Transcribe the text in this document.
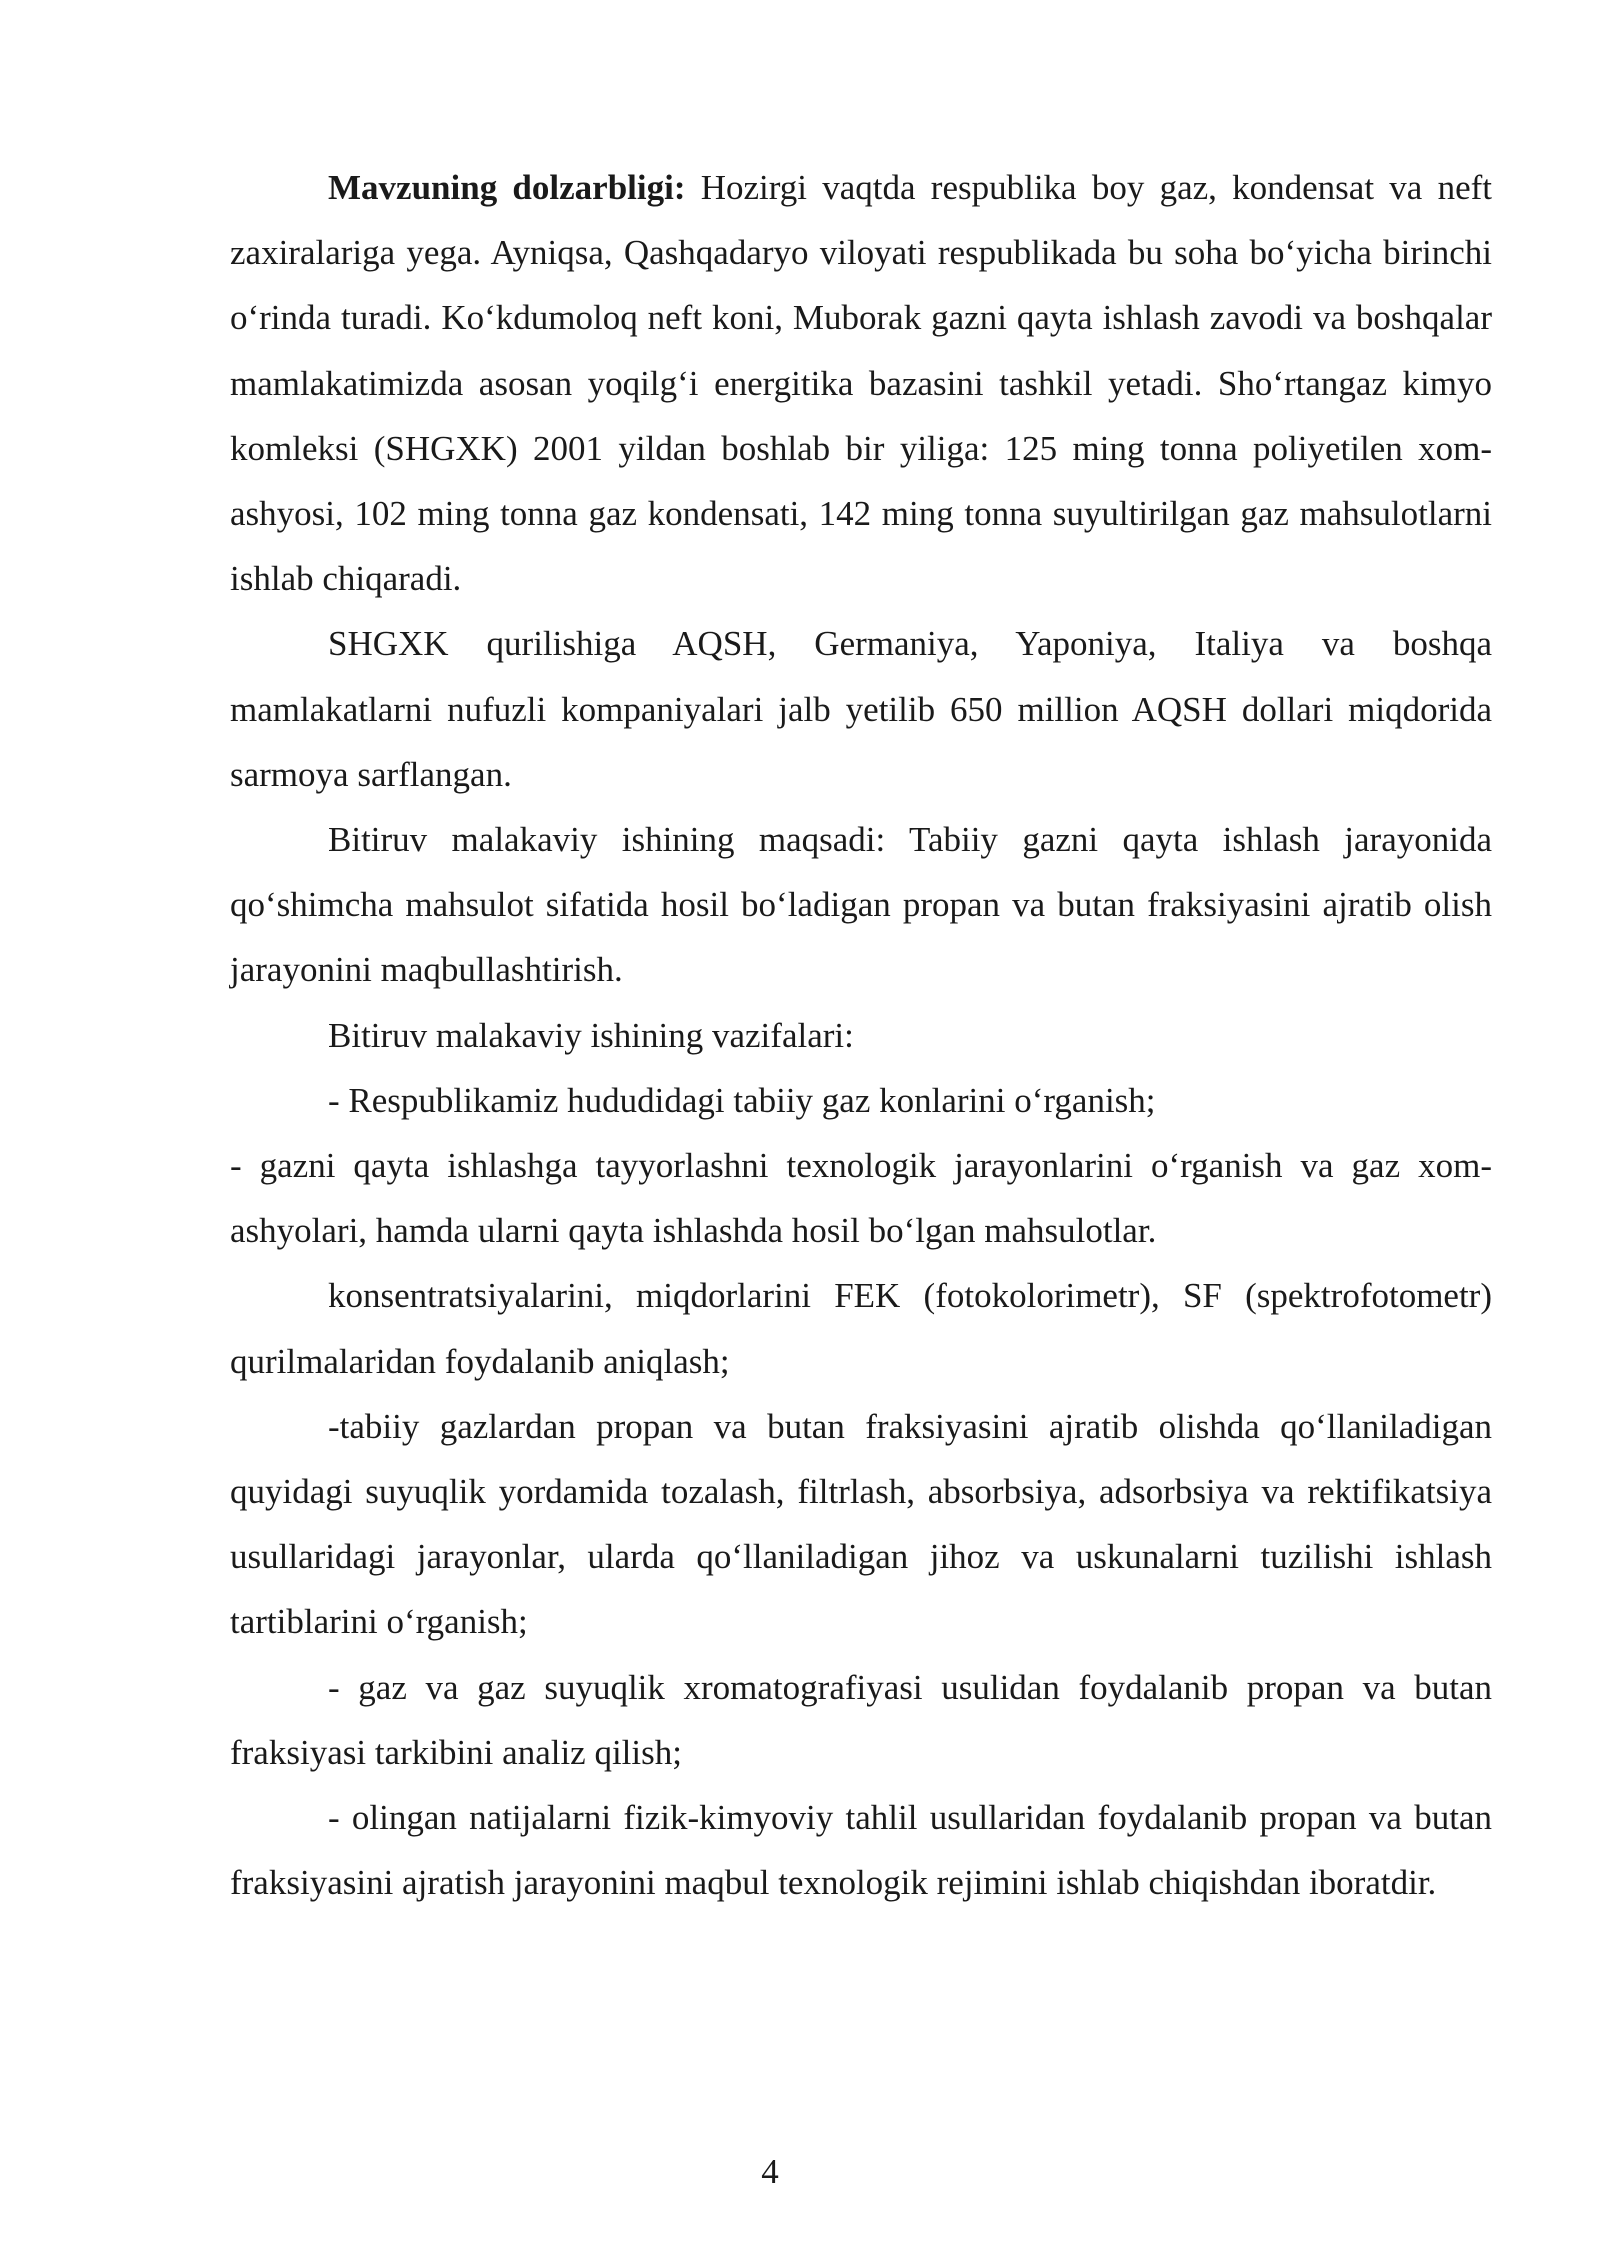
Mavzuning dolzarbligi: Hozirgi vaqtda respublika boy gaz, kondensat va neft zaxiralariga yega. Ayniqsa, Qashqadaryo viloyati respublikada bu soha bo‘yicha birinchi o‘rinda turadi. Ko‘kdumoloq neft koni, Muborak gazni qayta ishlash zavodi va boshqalar mamlakatimizda asosan yoqilg‘i energitika bazasini tashkil yetadi. Sho‘rtangaz kimyo komleksi (SHGXK) 2001 yildan boshlab bir yiliga: 125 ming tonna poliyetilen xom-ashyosi, 102 ming tonna gaz kondensati, 142 ming tonna suyultirilgan gaz mahsulotlarni ishlab chiqaradi.

SHGXK qurilishiga AQSH, Germaniya, Yaponiya, Italiya va boshqa mamlakatlarni nufuzli kompaniyalari jalb yetilib 650 million AQSH dollari miqdorida sarmoya sarflangan.

Bitiruv malakaviy ishining maqsadi: Tabiiy gazni qayta ishlash jarayonida qo‘shimcha mahsulot sifatida hosil bo‘ladigan propan va butan fraksiyasini ajratib olish jarayonini maqbullashtirish.

Bitiruv malakaviy ishining vazifalari:

- Respublikamiz hududidagi tabiiy gaz konlarini o‘rganish;

- gazni qayta ishlashga tayyorlashni texnologik jarayonlarini o‘rganish va gaz xom-ashyolari, hamda ularni qayta ishlashda hosil bo‘lgan mahsulotlar.

konsentratsiyalarini, miqdorlarini FEK (fotokolorimetr), SF (spektrofotometr) qurilmalaridan foydalanib aniqlash;

-tabiiy gazlardan propan va butan fraksiyasini ajratib olishda qo‘llaniladigan quyidagi suyuqlik yordamida tozalash, filtrlash, absorbsiya, adsorbsiya va rektifikatsiya usullaridagi jarayonlar, ularda qo‘llaniladigan jihoz va uskunalarni tuzilishi ishlash tartiblarini o‘rganish;

- gaz va gaz suyuqlik xromatografiyasi usulidan foydalanib propan va butan fraksiyasi tarkibini analiz qilish;

- olingan natijalarni fizik-kimyoviy tahlil usullaridan foydalanib propan va butan fraksiyasini ajratish jarayonini maqbul texnologik rejimini ishlab chiqishdan iboratdir.

4
